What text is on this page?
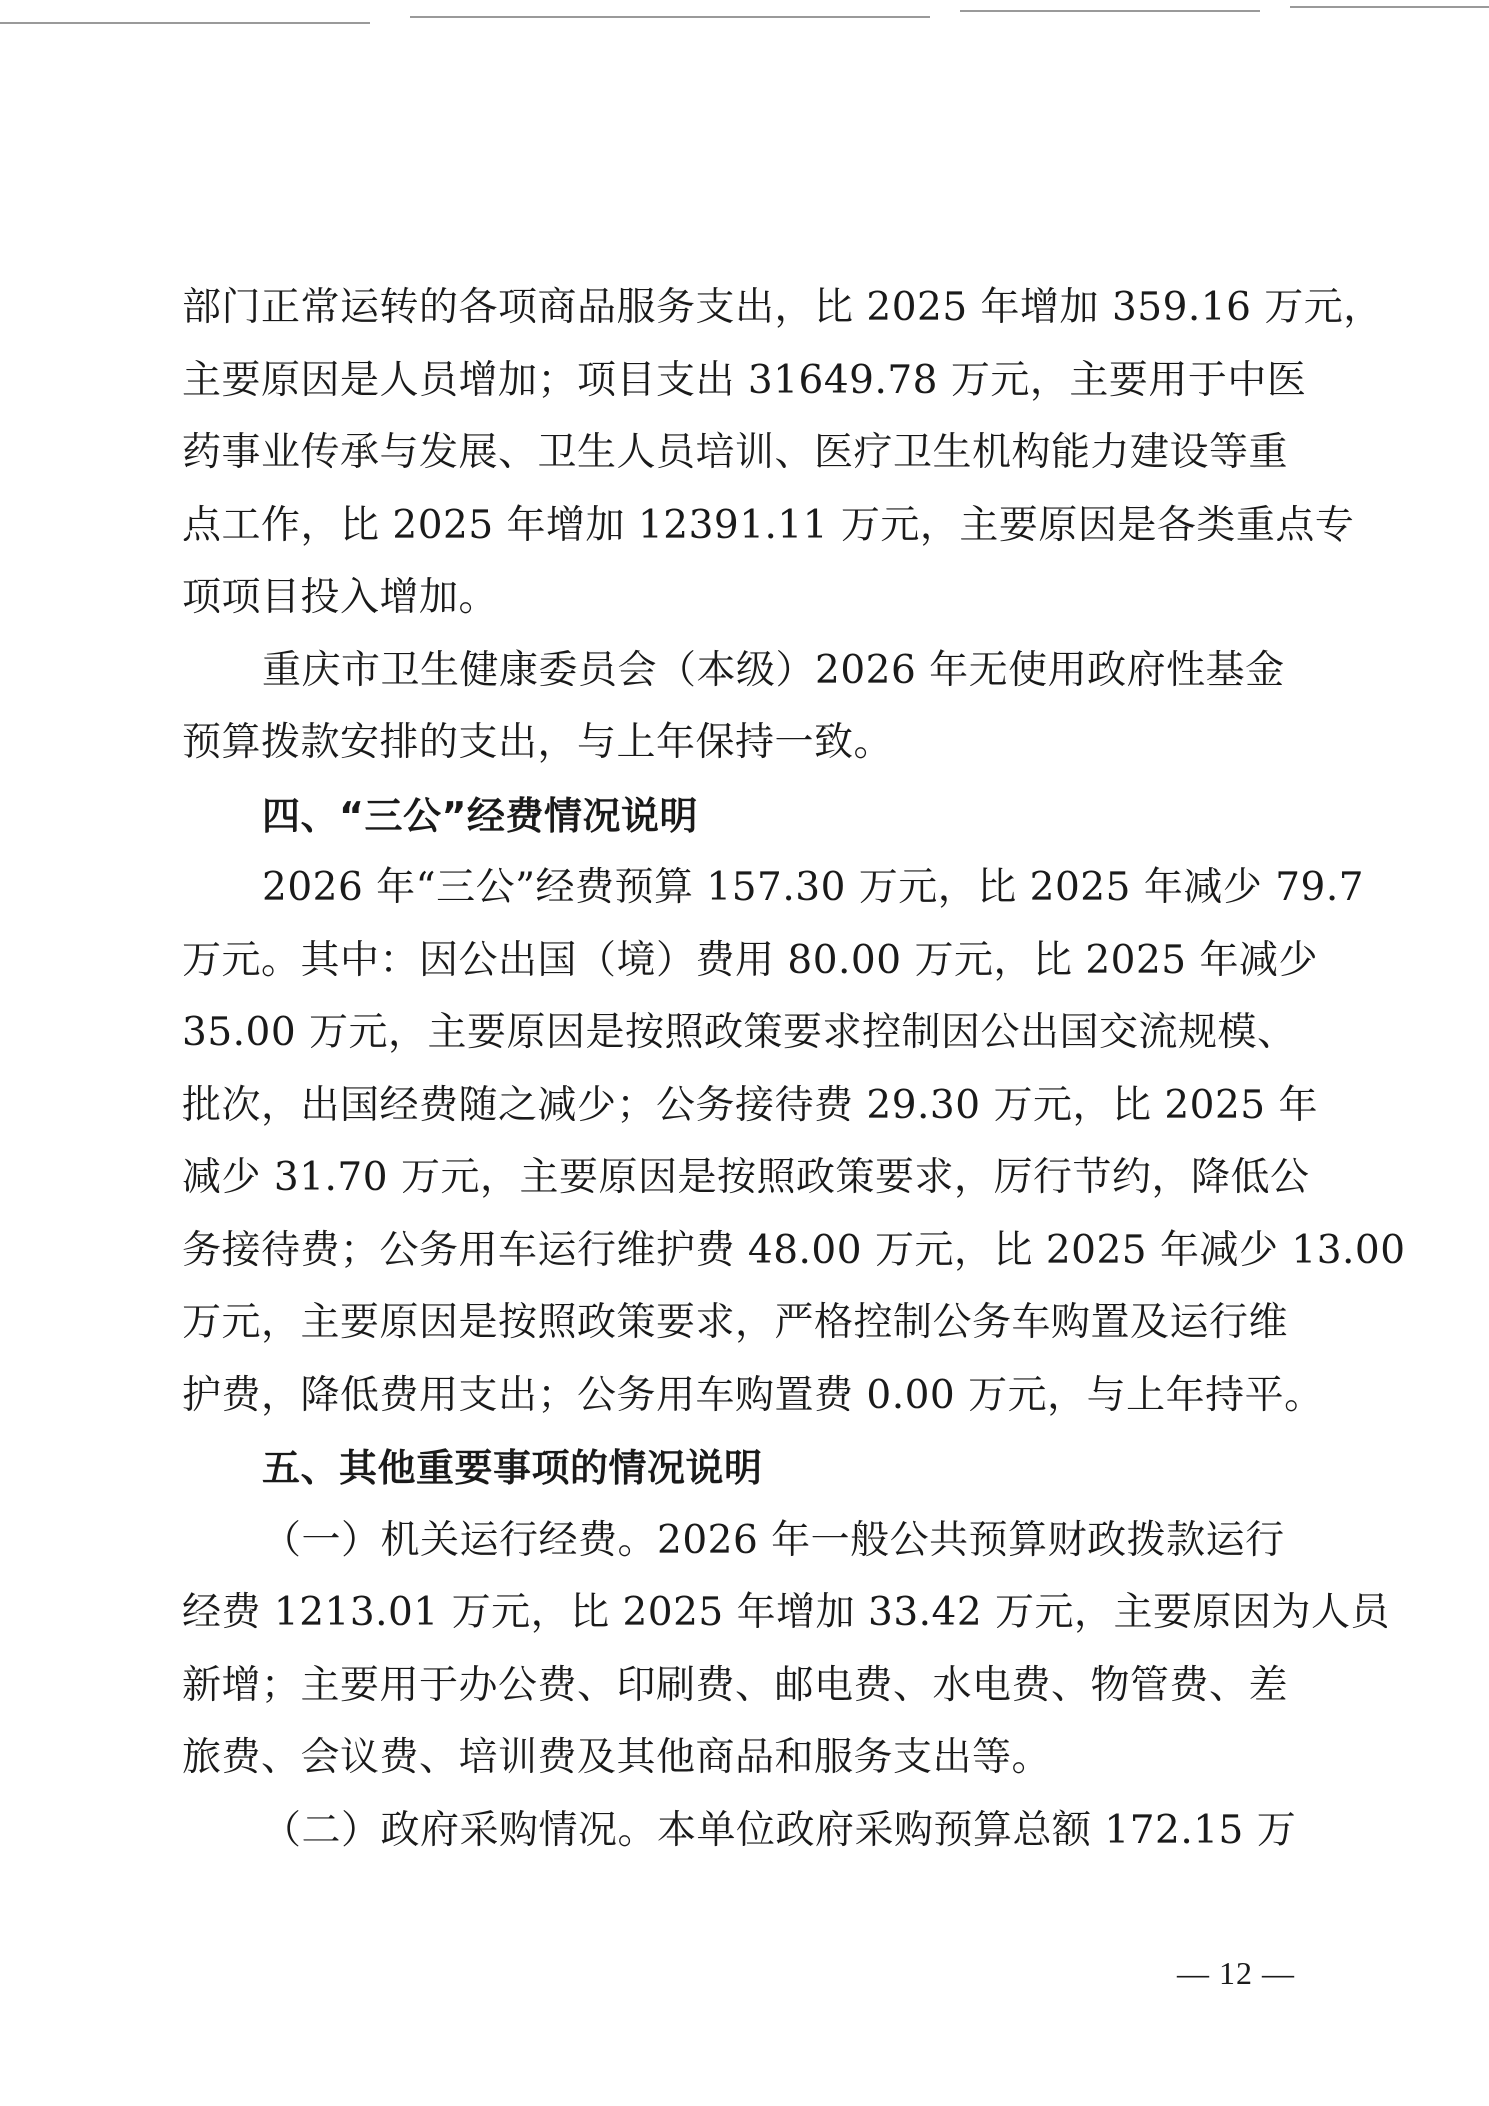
部门正常运转的各项商品服务支出，比 2025 年增加 359.16 万元，

主要原因是人员增加；项目支出 31649.78 万元，主要用于中医

药事业传承与发展、卫生人员培训、医疗卫生机构能力建设等重

点工作，比 2025 年增加 12391.11 万元，主要原因是各类重点专

项项目投入增加。

重庆市卫生健康委员会（本级）2026 年无使用政府性基金

预算拨款安排的支出，与上年保持一致。

四、“三公”经费情况说明

2026 年“三公”经费预算 157.30 万元，比 2025 年减少 79.7

万元。其中：因公出国（境）费用 80.00 万元，比 2025 年减少

35.00 万元，主要原因是按照政策要求控制因公出国交流规模、

批次，出国经费随之减少；公务接待费 29.30 万元，比 2025 年

减少 31.70 万元，主要原因是按照政策要求，厉行节约，降低公

务接待费；公务用车运行维护费 48.00 万元，比 2025 年减少 13.00

万元，主要原因是按照政策要求，严格控制公务车购置及运行维

护费，降低费用支出；公务用车购置费 0.00 万元，与上年持平。

五、其他重要事项的情况说明

（一）机关运行经费。2026 年一般公共预算财政拨款运行

经费 1213.01 万元，比 2025 年增加 33.42 万元，主要原因为人员

新增；主要用于办公费、印刷费、邮电费、水电费、物管费、差

旅费、会议费、培训费及其他商品和服务支出等。

（二）政府采购情况。本单位政府采购预算总额 172.15 万

— 12 —
